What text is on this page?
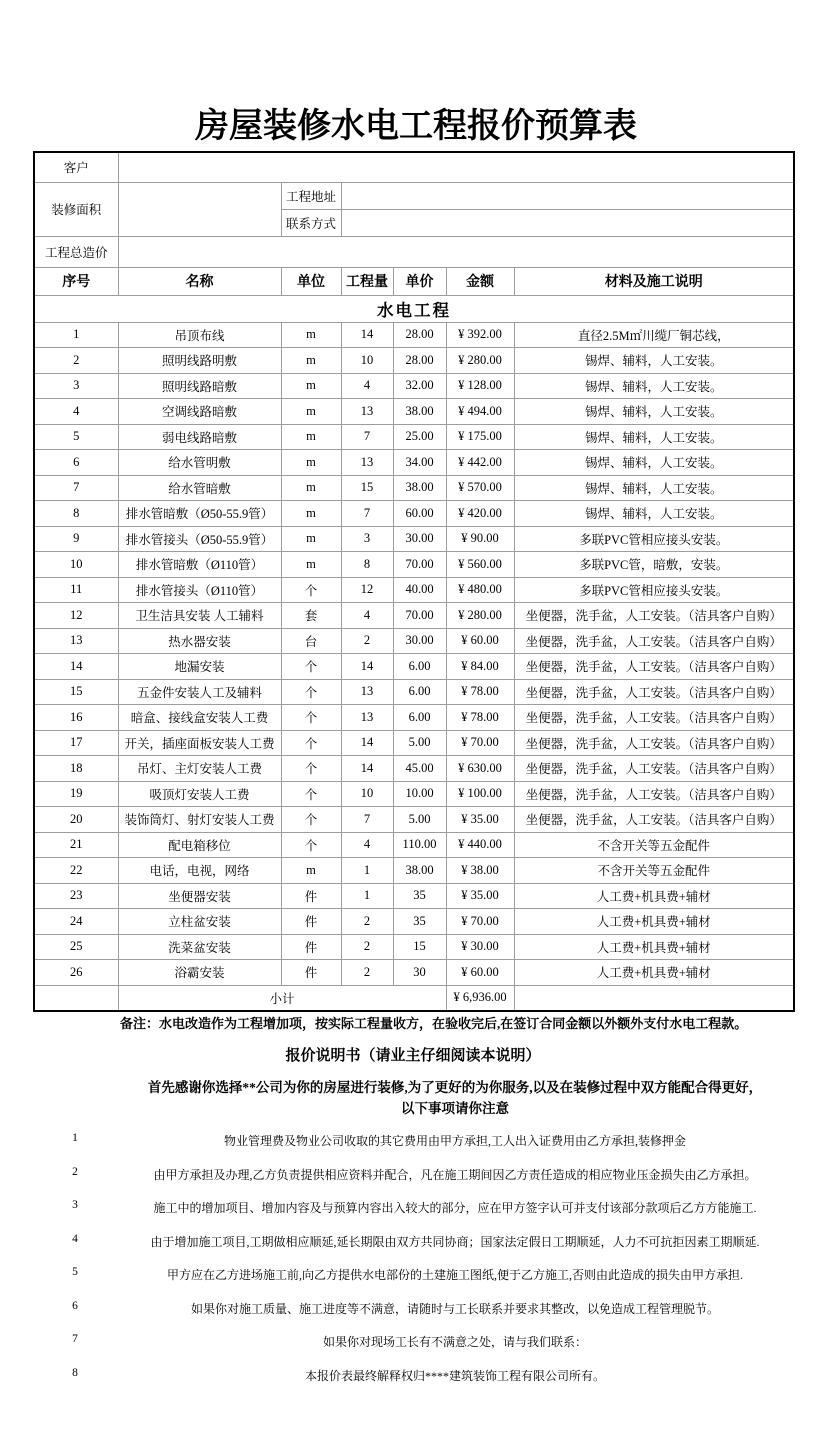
房屋装修水电工程报价预算表
客户						
装修面积		工程地址				
		联系方式				
工程总造价						
序号	名称	单位	工程量	单价	金额	材料及施工说明
水电工程						
1	吊顶布线	m	14	28.00	¥ 392.00	直径2.5M㎡川缆厂铜芯线，
2	照明线路明敷	m	10	28.00	¥ 280.00	锡焊、辅料，人工安装。
3	照明线路暗敷	m	4	32.00	¥ 128.00	锡焊、辅料，人工安装。
4	空调线路暗敷	m	13	38.00	¥ 494.00	锡焊、辅料，人工安装。
5	弱电线路暗敷	m	7	25.00	¥ 175.00	锡焊、辅料，人工安装。
6	给水管明敷	m	13	34.00	¥ 442.00	锡焊、辅料，人工安装。
7	给水管暗敷	m	15	38.00	¥ 570.00	锡焊、辅料，人工安装。
8	排水管暗敷（Ø50-55.9管）	m	7	60.00	¥ 420.00	锡焊、辅料，人工安装。
9	排水管接头（Ø50-55.9管）	m	3	30.00	¥ 90.00	多联PVC管相应接头安装。
10	排水管暗敷（Ø110管）	m	8	70.00	¥ 560.00	多联PVC管，暗敷，安装。
11	排水管接头（Ø110管）	个	12	40.00	¥ 480.00	多联PVC管相应接头安装。
12	卫生洁具安装 人工辅料	套	4	70.00	¥ 280.00	坐便器，洗手盆，人工安装。（洁具客户自购）
13	热水器安装	台	2	30.00	¥ 60.00	坐便器，洗手盆，人工安装。（洁具客户自购）
14	地漏安装	个	14	6.00	¥ 84.00	坐便器，洗手盆，人工安装。（洁具客户自购）
15	五金件安装人工及辅料	个	13	6.00	¥ 78.00	坐便器，洗手盆，人工安装。（洁具客户自购）
16	暗盒、接线盒安装人工费	个	13	6.00	¥ 78.00	坐便器，洗手盆，人工安装。（洁具客户自购）
17	开关，插座面板安装人工费	个	14	5.00	¥ 70.00	坐便器，洗手盆，人工安装。（洁具客户自购）
18	吊灯、主灯安装人工费	个	14	45.00	¥ 630.00	坐便器，洗手盆，人工安装。（洁具客户自购）
19	吸顶灯安装人工费	个	10	10.00	¥ 100.00	坐便器，洗手盆，人工安装。（洁具客户自购）
20	装饰筒灯、射灯安装人工费	个	7	5.00	¥ 35.00	坐便器，洗手盆，人工安装。（洁具客户自购）
21	配电箱移位	个	4	110.00	¥ 440.00	不含开关等五金配件
22	电话，电视，网络	m	1	38.00	¥ 38.00	不含开关等五金配件
23	坐便器安装	件	1	35	¥ 35.00	人工费+机具费+辅材
24	立柱盆安装	件	2	35	¥ 70.00	人工费+机具费+辅材
25	洗菜盆安装	件	2	15	¥ 30.00	人工费+机具费+辅材
26	浴霸安装	件	2	30	¥ 60.00	人工费+机具费+辅材
	小计				¥ 6,936.00	
备注：水电改造作为工程增加项，按实际工程量收方，在验收完后,在签订合同金额以外额外支付水电工程款。
报价说明书（请业主仔细阅读本说明）
首先感谢你选择**公司为你的房屋进行装修,为了更好的为你服务,以及在装修过程中双方能配合得更好，
以下事项请你注意
1	物业管理费及物业公司收取的其它费用由甲方承担,工人出入证费用由乙方承担,装修押金
2	由甲方承担及办理,乙方负责提供相应资料并配合，凡在施工期间因乙方责任造成的相应物业压金损失由乙方承担。
3	施工中的增加项目、增加内容及与预算内容出入较大的部分，应在甲方签字认可并支付该部分款项后乙方方能施工.
4	由于增加施工项目,工期做相应顺延,延长期限由双方共同协商；国家法定假日工期顺延，人力不可抗拒因素工期顺延.
5	甲方应在乙方进场施工前,向乙方提供水电部份的土建施工图纸,便于乙方施工,否则由此造成的损失由甲方承担.
6	如果你对施工质量、施工进度等不满意，请随时与工长联系并要求其整改，以免造成工程管理脱节。
7	如果你对现场工长有不满意之处，请与我们联系：
8	本报价表最终解释权归****建筑装饰工程有限公司所有。
